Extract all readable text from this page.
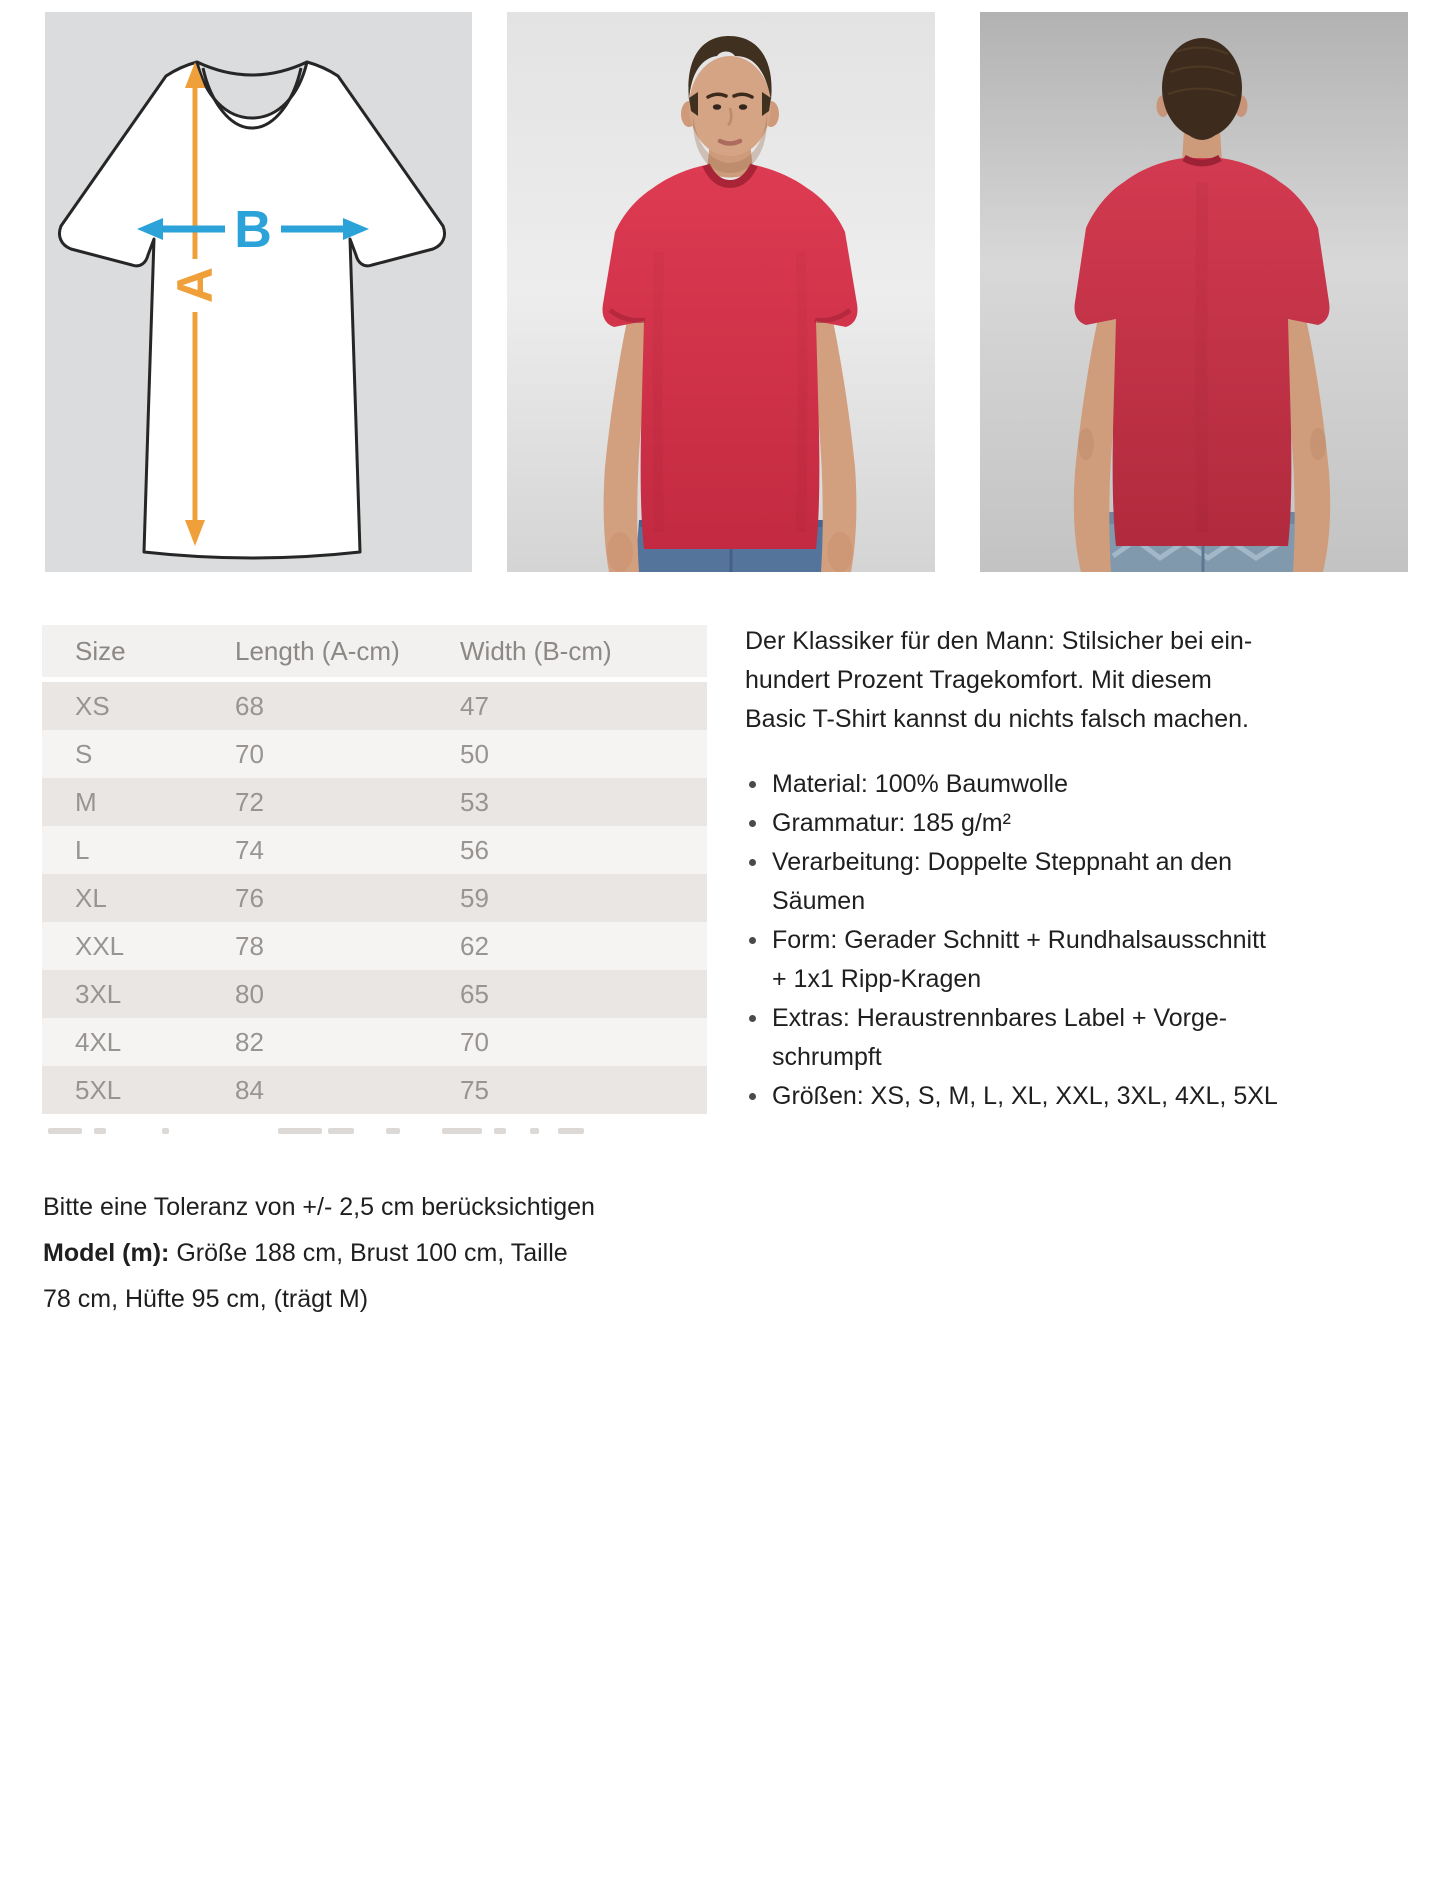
A
B
Size	Length (A-cm)	Width (B-cm)
XS	68	47
S	70	50
M	72	53
L	74	56
XL	76	59
XXL	78	62
3XL	80	65
4XL	82	70
5XL	84	75

Der Klassiker für den Mann: Stilsicher bei ein-
hundert Prozent Tragekomfort. Mit diesem
Basic T-Shirt kannst du nichts falsch machen.

Material: 100% Baumwolle
Grammatur: 185 g/m²
Verarbeitung: Doppelte Steppnaht an den
Säumen
Form: Gerader Schnitt + Rundhalsausschnitt
+ 1x1 Ripp-Kragen
Extras: Heraustrennbares Label + Vorge-
schrumpft
Größen: XS, S, M, L, XL, XXL, 3XL, 4XL, 5XL
Bitte eine Toleranz von +/- 2,5 cm berücksichtigen
Model (m): Größe 188 cm, Brust 100 cm, Taille
78 cm, Hüfte 95 cm, (trägt M)
